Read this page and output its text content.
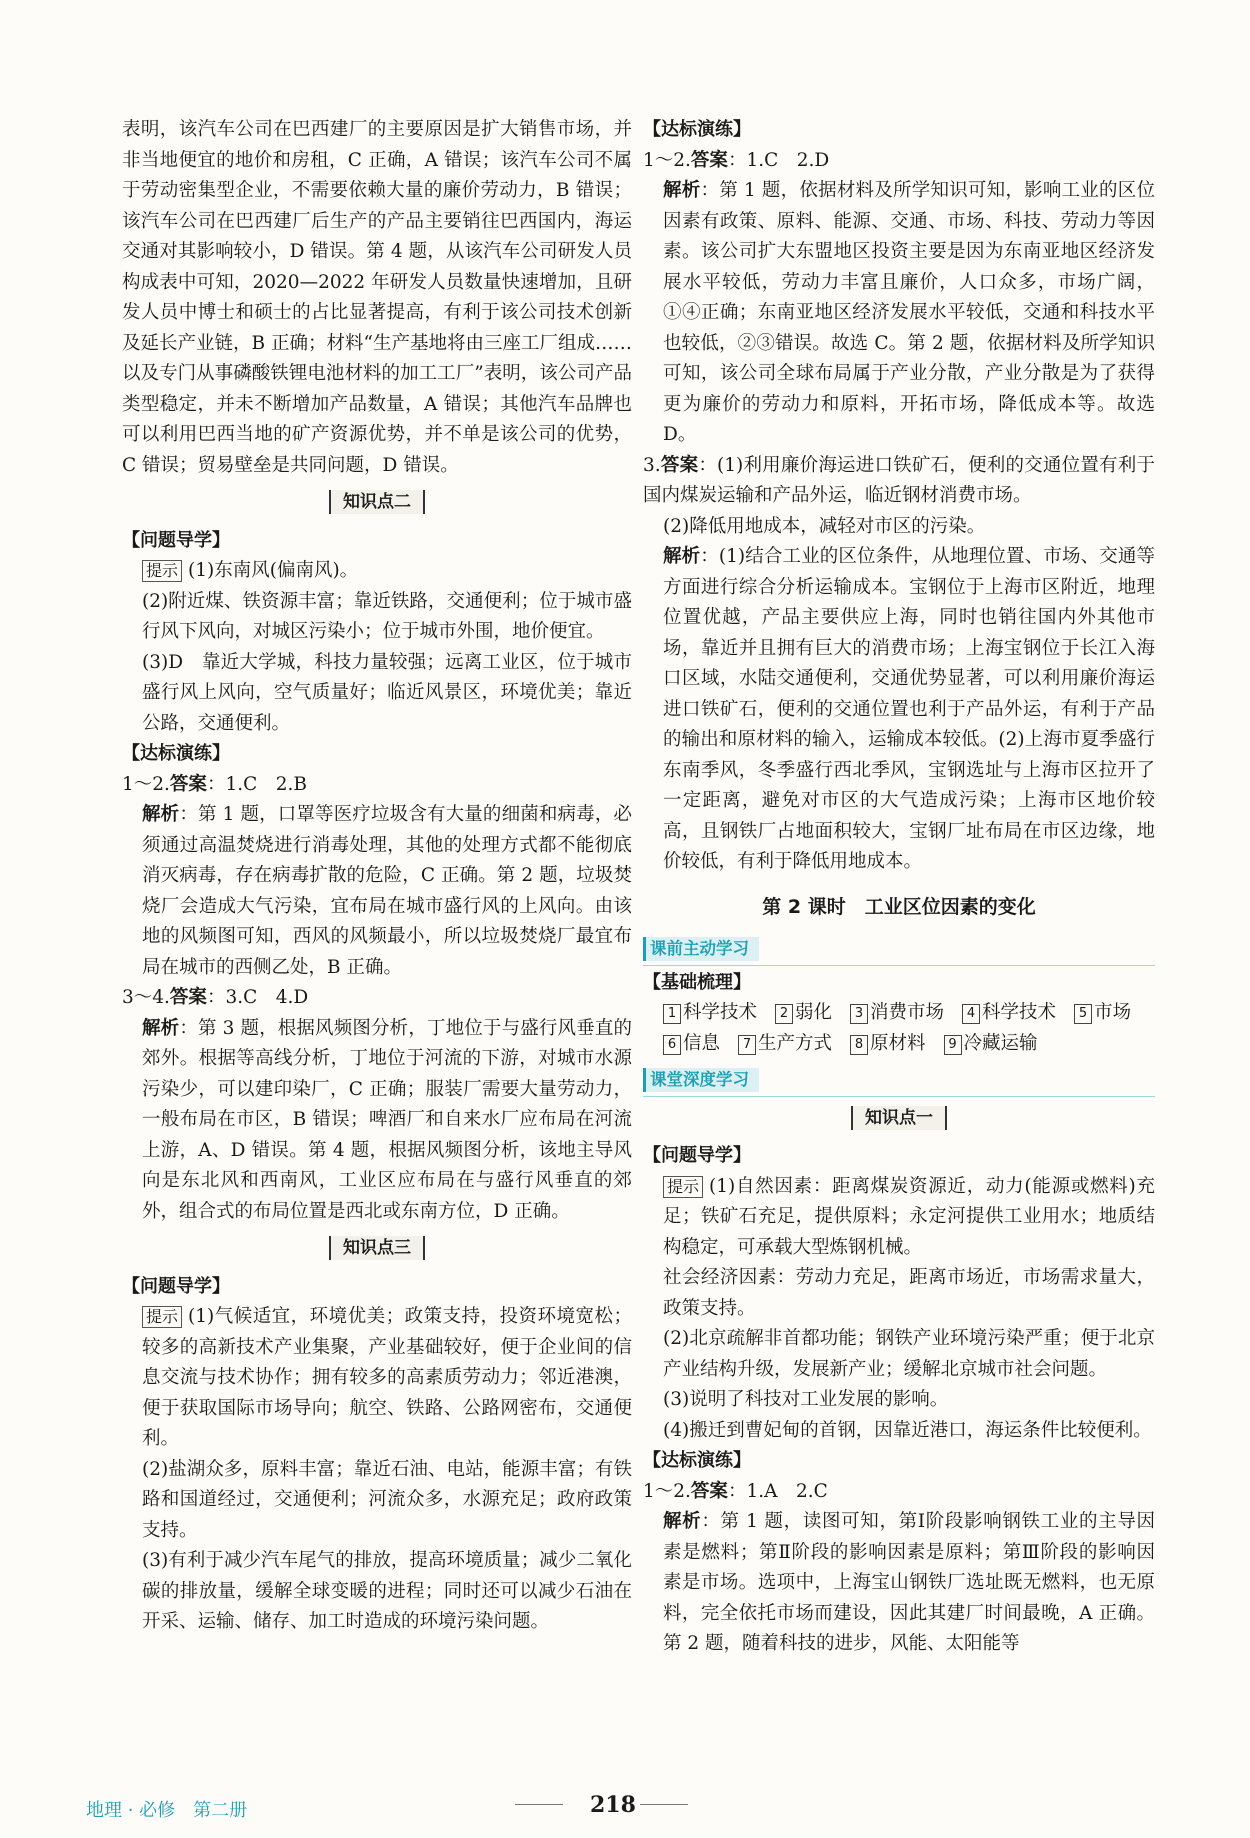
表明，该汽车公司在巴西建厂的主要原因是扩大销售市场，并非当地便宜的地价和房租，C 正确，A 错误；该汽车公司不属于劳动密集型企业，不需要依赖大量的廉价劳动力，B 错误；该汽车公司在巴西建厂后生产的产品主要销往巴西国内，海运交通对其影响较小，D 错误。第 4 题，从该汽车公司研发人员构成表中可知，2020—2022 年研发人员数量快速增加，且研发人员中博士和硕士的占比显著提高，有利于该公司技术创新及延长产业链，B 正确；材料“生产基地将由三座工厂组成……以及专门从事磷酸铁锂电池材料的加工工厂”表明，该公司产品类型稳定，并未不断增加产品数量，A 错误；其他汽车品牌也可以利用巴西当地的矿产资源优势，并不单是该公司的优势，C 错误；贸易壁垒是共同问题，D 错误。

知识点二

【问题导学】

提示 (1)东南风(偏南风)。

(2)附近煤、铁资源丰富；靠近铁路，交通便利；位于城市盛行风下风向，对城区污染小；位于城市外围，地价便宜。

(3)D　靠近大学城，科技力量较强；远离工业区，位于城市盛行风上风向，空气质量好；临近风景区，环境优美；靠近公路，交通便利。

【达标演练】

1～2.答案：1.C　2.B

解析：第 1 题，口罩等医疗垃圾含有大量的细菌和病毒，必须通过高温焚烧进行消毒处理，其他的处理方式都不能彻底消灭病毒，存在病毒扩散的危险，C 正确。第 2 题，垃圾焚烧厂会造成大气污染，宜布局在城市盛行风的上风向。由该地的风频图可知，西风的风频最小，所以垃圾焚烧厂最宜布局在城市的西侧乙处，B 正确。

3～4.答案：3.C　4.D

解析：第 3 题，根据风频图分析，丁地位于与盛行风垂直的郊外。根据等高线分析，丁地位于河流的下游，对城市水源污染少，可以建印染厂，C 正确；服装厂需要大量劳动力，一般布局在市区，B 错误；啤酒厂和自来水厂应布局在河流上游，A、D 错误。第 4 题，根据风频图分析，该地主导风向是东北风和西南风，工业区应布局在与盛行风垂直的郊外，组合式的布局位置是西北或东南方位，D 正确。

知识点三

【问题导学】

提示 (1)气候适宜，环境优美；政策支持，投资环境宽松；较多的高新技术产业集聚，产业基础较好，便于企业间的信息交流与技术协作；拥有较多的高素质劳动力；邻近港澳，便于获取国际市场导向；航空、铁路、公路网密布，交通便利。

(2)盐湖众多，原料丰富；靠近石油、电站，能源丰富；有铁路和国道经过，交通便利；河流众多，水源充足；政府政策支持。

(3)有利于减少汽车尾气的排放，提高环境质量；减少二氧化碳的排放量，缓解全球变暖的进程；同时还可以减少石油在开采、运输、储存、加工时造成的环境污染问题。

【达标演练】

1～2.答案：1.C　2.D

解析：第 1 题，依据材料及所学知识可知，影响工业的区位因素有政策、原料、能源、交通、市场、科技、劳动力等因素。该公司扩大东盟地区投资主要是因为东南亚地区经济发展水平较低，劳动力丰富且廉价，人口众多，市场广阔，①④正确；东南亚地区经济发展水平较低，交通和科技水平也较低，②③错误。故选 C。第 2 题，依据材料及所学知识可知，该公司全球布局属于产业分散，产业分散是为了获得更为廉价的劳动力和原料，开拓市场，降低成本等。故选 D。

3.答案：(1)利用廉价海运进口铁矿石，便利的交通位置有利于国内煤炭运输和产品外运，临近钢材消费市场。

(2)降低用地成本，减轻对市区的污染。

解析：(1)结合工业的区位条件，从地理位置、市场、交通等方面进行综合分析运输成本。宝钢位于上海市区附近，地理位置优越，产品主要供应上海，同时也销往国内外其他市场，靠近并且拥有巨大的消费市场；上海宝钢位于长江入海口区域，水陆交通便利，交通优势显著，可以利用廉价海运进口铁矿石，便利的交通位置也利于产品外运，有利于产品的输出和原材料的输入，运输成本较低。(2)上海市夏季盛行东南季风，冬季盛行西北季风，宝钢选址与上海市区拉开了一定距离，避免对市区的大气造成污染；上海市区地价较高，且钢铁厂占地面积较大，宝钢厂址布局在市区边缘，地价较低，有利于降低用地成本。

第 2 课时　工业区位因素的变化
课前主动学习

【基础梳理】

1 科学技术	2 弱化	3 消费市场	4 科学技术	5 市场
6 信息	7 生产方式	8 原材料	9 冷藏运输
课堂深度学习
知识点一

【问题导学】

提示 (1)自然因素：距离煤炭资源近，动力(能源或燃料)充足；铁矿石充足，提供原料；永定河提供工业用水；地质结构稳定，可承载大型炼钢机械。

社会经济因素：劳动力充足，距离市场近，市场需求量大，政策支持。

(2)北京疏解非首都功能；钢铁产业环境污染严重；便于北京产业结构升级，发展新产业；缓解北京城市社会问题。

(3)说明了科技对工业发展的影响。

(4)搬迁到曹妃甸的首钢，因靠近港口，海运条件比较便利。

【达标演练】

1～2.答案：1.A　2.C

解析：第 1 题，读图可知，第Ⅰ阶段影响钢铁工业的主导因素是燃料；第Ⅱ阶段的影响因素是原料；第Ⅲ阶段的影响因素是市场。选项中，上海宝山钢铁厂选址既无燃料，也无原料，完全依托市场而建设，因此其建厂时间最晚，A 正确。第 2 题，随着科技的进步，风能、太阳能等

地理 · 必修　第二册	218
